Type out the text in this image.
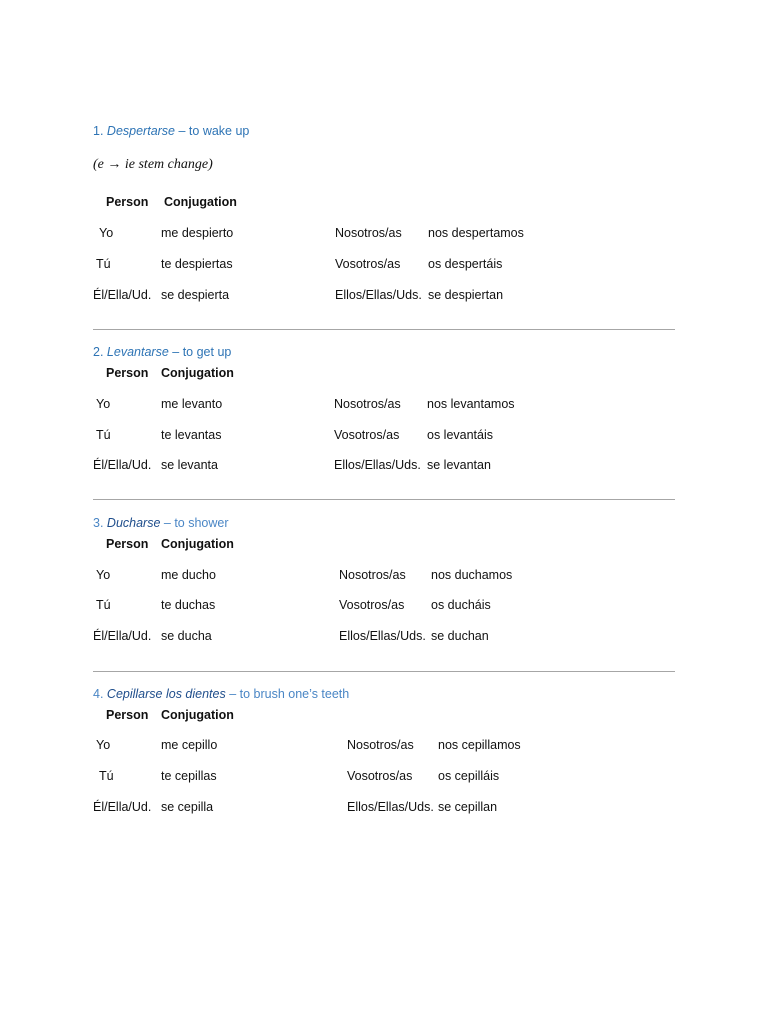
1. Despertarse – to wake up
(e → ie stem change)
Person Conjugation
Yo	me despierto	Nosotros/as nos despertamos
Tú	te despiertas	Vosotros/as os despertáis
Él/Ella/Ud. se despierta	Ellos/Ellas/Uds. se despiertan
2. Levantarse – to get up
Person Conjugation
Yo	me levanto	Nosotros/as nos levantamos
Tú	te levantas	Vosotros/as os levantáis
Él/Ella/Ud. se levanta	Ellos/Ellas/Uds. se levantan
3. Ducharse – to shower
Person Conjugation
Yo	me ducho	Nosotros/as nos duchamos
Tú	te duchas	Vosotros/as os ducháis
Él/Ella/Ud. se ducha	Ellos/Ellas/Uds. se duchan
4. Cepillarse los dientes – to brush one’s teeth
Person Conjugation
Yo	me cepillo	Nosotros/as nos cepillamos
Tú	te cepillas	Vosotros/as os cepilláis
Él/Ella/Ud. se cepilla	Ellos/Ellas/Uds. se cepillan
